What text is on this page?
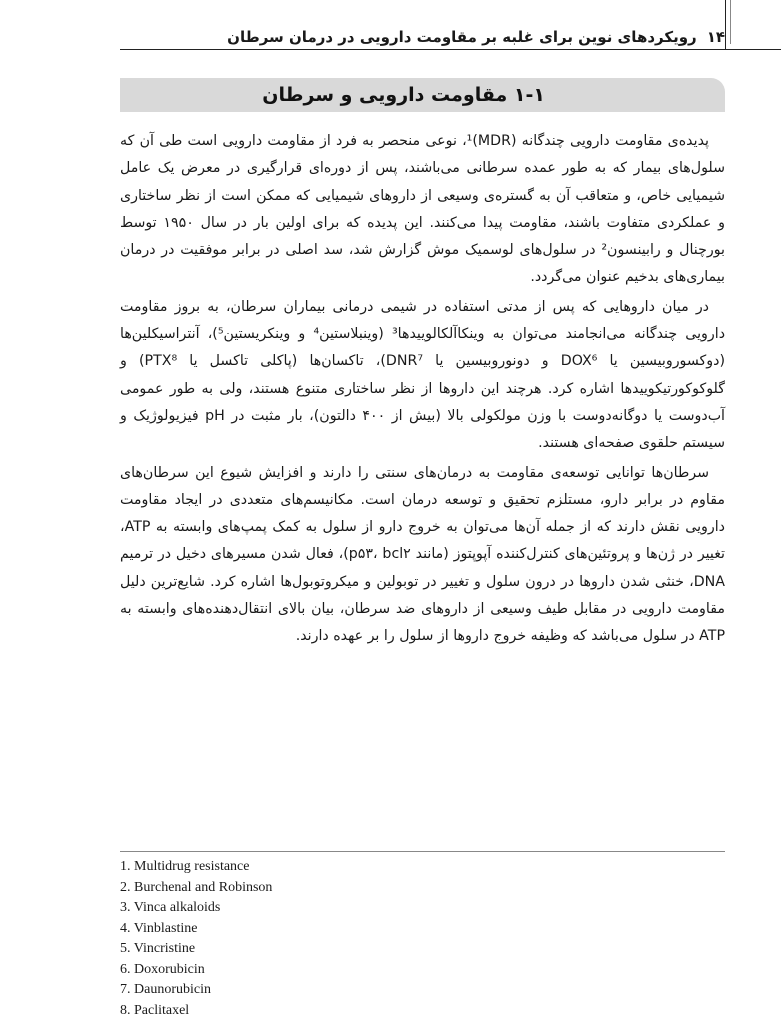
۱۴
رویکردهای نوین برای غلبه بر مقاومت دارویی در درمان سرطان
۱-۱ مقاومت دارویی و سرطان

پدیده‌ی مقاومت دارویی چندگانه (MDR)¹، نوعی منحصر به فرد از مقاومت دارویی است طی آن که سلول‌های بیمار که به طور عمده سرطانی می‌باشند، پس از دوره‌ای قرارگیری در معرض یک عامل شیمیایی خاص، و متعاقب آن به گستره‌ی وسیعی از داروهای شیمیایی که ممکن است از نظر ساختاری و عملکردی متفاوت باشند، مقاومت پیدا می‌کنند. این پدیده که برای اولین بار در سال ۱۹۵۰ توسط بورچنال و رابینسون² در سلول‌های لوسمیک موش گزارش شد، سد اصلی در برابر موفقیت در درمان بیماری‌های بدخیم عنوان می‌گردد.

در میان داروهایی که پس از مدتی استفاده در شیمی درمانی بیماران سرطان، به بروز مقاومت دارویی چندگانه می‌انجامند می‌توان به وینکاآلکالوییدها³ (وینبلاستین⁴ و وینکریستین⁵)، آنتراسیکلین‌ها (دوکسوروبیسین یا DOX⁶ و دونوروبیسین یا DNR⁷)، تاکسان‌ها (پاکلی تاکسل یا PTX⁸) و گلوکوکورتیکوییدها اشاره کرد. هرچند این داروها از نظر ساختاری متنوع هستند، ولی به طور عمومی آب‌دوست یا دوگانه‌دوست با وزن مولکولی بالا (بیش از ۴۰۰ دالتون)، بار مثبت در pH فیزیولوژیک و سیستم حلقوی صفحه‌ای هستند.

سرطان‌ها توانایی توسعه‌ی مقاومت به درمان‌های سنتی را دارند و افزایش شیوع این سرطان‌های مقاوم در برابر دارو، مستلزم تحقیق و توسعه درمان است. مکانیسم‌های متعددی در ایجاد مقاومت دارویی نقش دارند که از جمله آن‌ها می‌توان به خروج دارو از سلول به کمک پمپ‌های وابسته به ATP، تغییر در ژن‌ها و پروتئین‌های کنترل‌کننده آپوپتوز (مانند p۵۳، bcl۲)، فعال شدن مسیرهای دخیل در ترمیم DNA، خنثی شدن داروها در درون سلول و تغییر در توبولین و میکروتوبول‌ها اشاره کرد. شایع‌ترین دلیل مقاومت دارویی در مقابل طیف وسیعی از داروهای ضد سرطان، بیان بالای انتقال‌دهنده‌های وابسته به ATP در سلول می‌باشد که وظیفه خروج داروها از سلول را بر عهده دارند.

1. Multidrug resistance
2. Burchenal and Robinson
3. Vinca alkaloids
4. Vinblastine
5. Vincristine
6. Doxorubicin
7. Daunorubicin
8. Paclitaxel
